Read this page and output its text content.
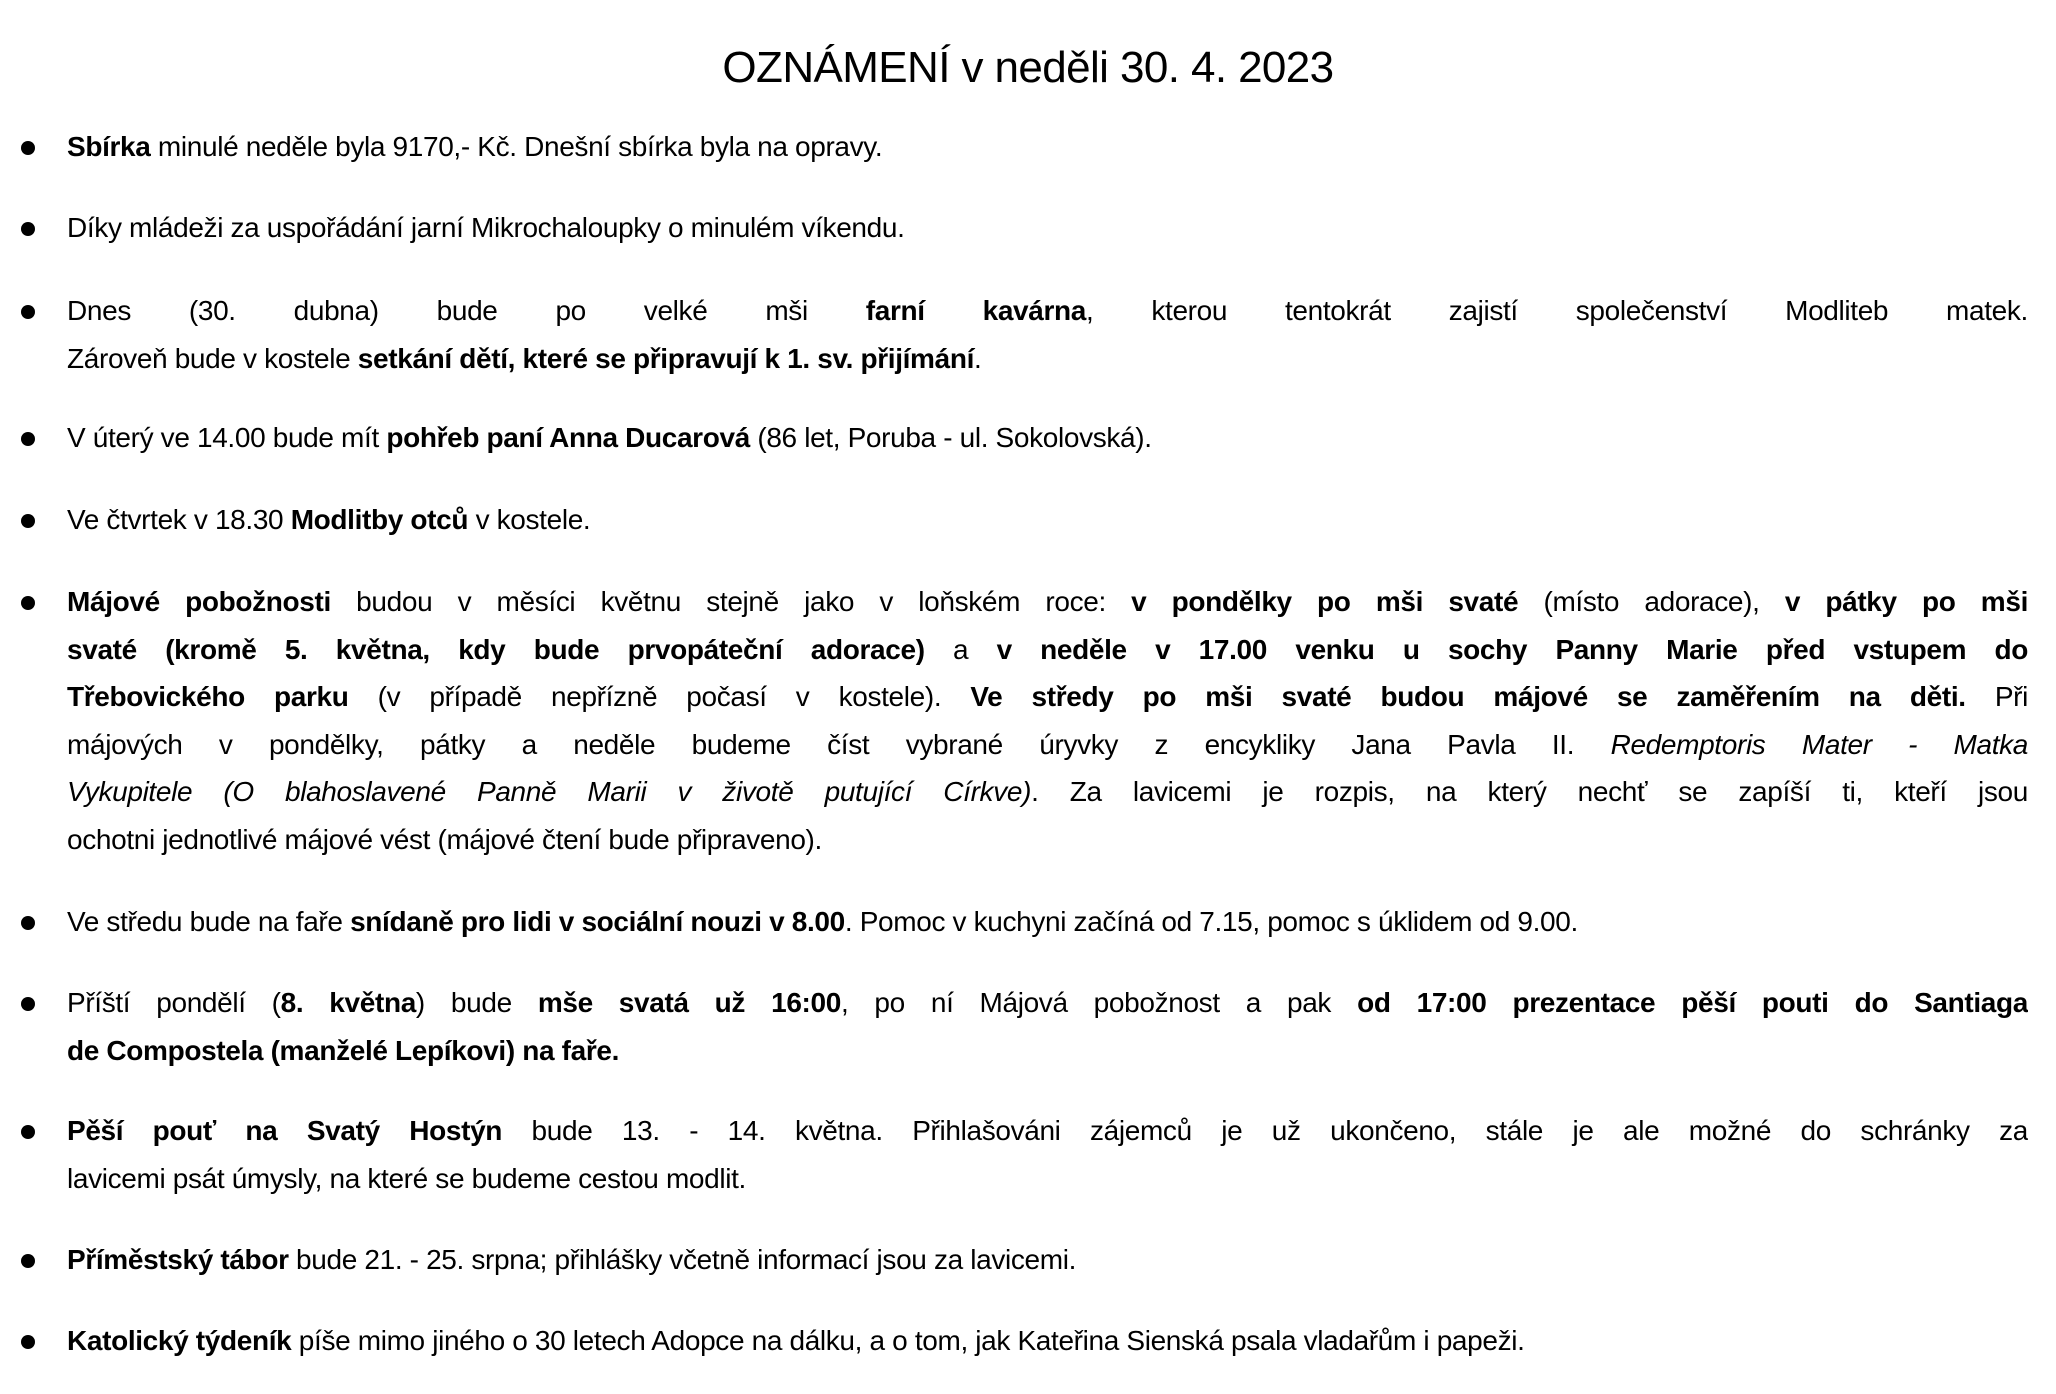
OZNÁMENÍ v neděli 30. 4. 2023
Sbírka minulé neděle byla 9170,- Kč. Dnešní sbírka byla na opravy.
Díky mládeži za uspořádání jarní Mikrochaloupky o minulém víkendu.
Dnes (30. dubna) bude po velké mši farní kavárna, kterou tentokrát zajistí společenství Modliteb matek.
Zároveň bude v kostele setkání dětí, které se připravují k 1. sv. přijímání.
V úterý ve 14.00 bude mít pohřeb paní Anna Ducarová (86 let, Poruba - ul. Sokolovská).
Ve čtvrtek v 18.30 Modlitby otců v kostele.
Májové pobožnosti budou v měsíci květnu stejně jako v loňském roce: v pondělky po mši svaté (místo adorace), v pátky po mši
svaté (kromě 5. května, kdy bude prvopáteční adorace) a v neděle v 17.00 venku u sochy Panny Marie před vstupem do
Třebovického parku (v případě nepřízně počasí v kostele). Ve středy po mši svaté budou májové se zaměřením na děti. Při
májových v pondělky, pátky a neděle budeme číst vybrané úryvky z encykliky Jana Pavla II. Redemptoris Mater - Matka
Vykupitele (O blahoslavené Panně Marii v životě putující Církve). Za lavicemi je rozpis, na který nechť se zapíší ti, kteří jsou
ochotni jednotlivé májové vést (májové čtení bude připraveno).
Ve středu bude na faře snídaně pro lidi v sociální nouzi v 8.00. Pomoc v kuchyni začíná od 7.15, pomoc s úklidem od 9.00.
Příští pondělí (8. května) bude mše svatá už 16:00, po ní Májová pobožnost a pak od 17:00 prezentace pěší pouti do Santiaga
de Compostela (manželé Lepíkovi) na faře.
Pěší pouť na Svatý Hostýn bude 13. - 14. května. Přihlašováni zájemců je už ukončeno, stále je ale možné do schránky za
lavicemi psát úmysly, na které se budeme cestou modlit.
Příměstský tábor bude 21. - 25. srpna; přihlášky včetně informací jsou za lavicemi.
Katolický týdeník píše mimo jiného o 30 letech Adopce na dálku, a o tom, jak Kateřina Sienská psala vladařům i papeži.
